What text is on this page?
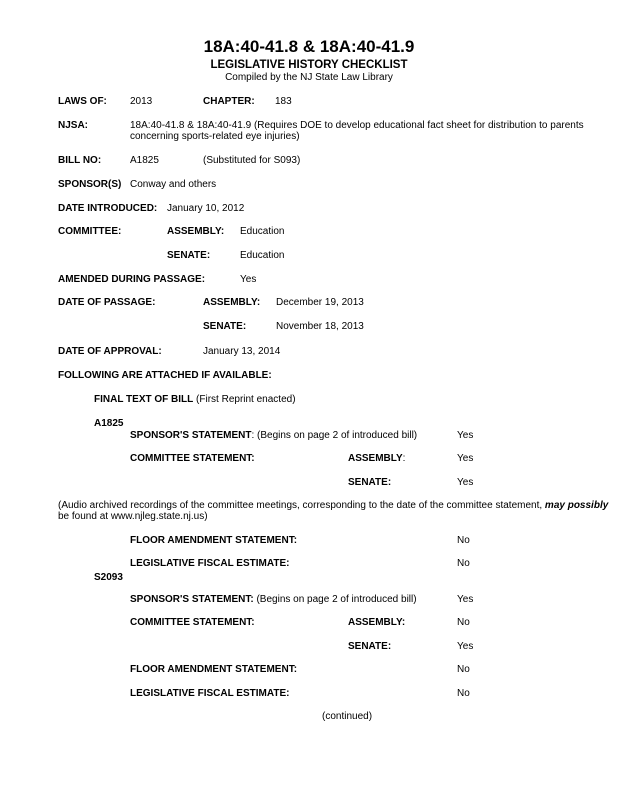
18A:40-41.8 & 18A:40-41.9
LEGISLATIVE HISTORY CHECKLIST
Compiled by the NJ State Law Library
LAWS OF: 2013	CHAPTER: 183
NJSA:	18A:40-41.8 & 18A:40-41.9 (Requires DOE to develop educational fact sheet for distribution to parents
concerning sports-related eye injuries)
BILL NO:	A1825	(Substituted for S093)
SPONSOR(S) Conway and others
DATE INTRODUCED: January 10, 2012
COMMITTEE:	ASSEMBLY: Education
SENATE:	Education
AMENDED DURING PASSAGE:	Yes
DATE OF PASSAGE:	ASSEMBLY: December 19, 2013
SENATE:	November 18, 2013
DATE OF APPROVAL:	January 13, 2014
FOLLOWING ARE ATTACHED IF AVAILABLE:
FINAL TEXT OF BILL (First Reprint enacted)
A1825
SPONSOR'S STATEMENT: (Begins on page 2 of introduced bill)	Yes
COMMITTEE STATEMENT:	ASSEMBLY:	Yes
SENATE:	Yes
(Audio archived recordings of the committee meetings, corresponding to the date of the committee statement, may possibly
be found at www.njleg.state.nj.us)
FLOOR AMENDMENT STATEMENT:	No
LEGISLATIVE FISCAL ESTIMATE:	No
S2093
SPONSOR'S STATEMENT: (Begins on page 2 of introduced bill)	Yes
COMMITTEE STATEMENT:	ASSEMBLY:	No
SENATE:	Yes
FLOOR AMENDMENT STATEMENT:	No
LEGISLATIVE FISCAL ESTIMATE:	No
(continued)
